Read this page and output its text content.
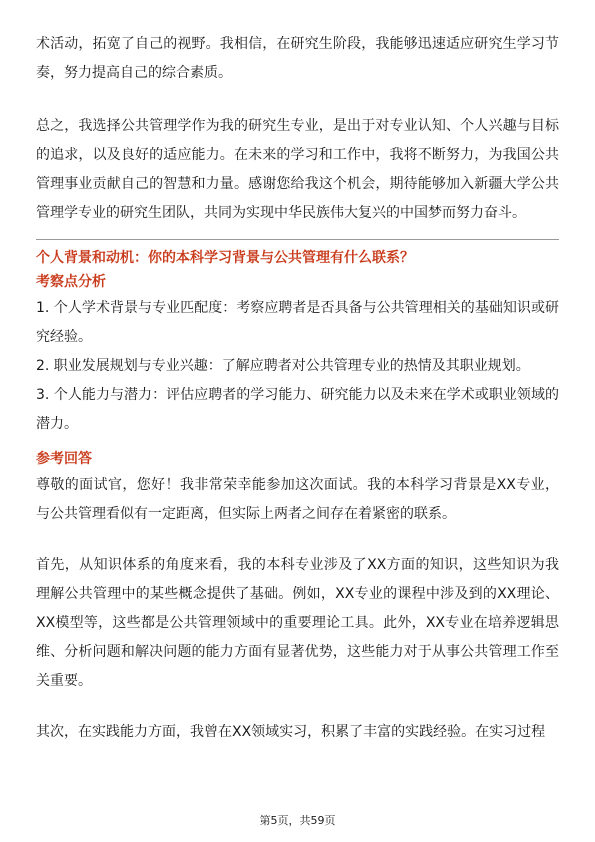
术活动，拓宽了自己的视野。我相信，在研究生阶段，我能够迅速适应研究生学习节奏，努力提高自己的综合素质。

总之，我选择公共管理学作为我的研究生专业，是出于对专业认知、个人兴趣与目标的追求，以及良好的适应能力。在未来的学习和工作中，我将不断努力，为我国公共管理事业贡献自己的智慧和力量。感谢您给我这个机会，期待能够加入新疆大学公共管理学专业的研究生团队，共同为实现中华民族伟大复兴的中国梦而努力奋斗。

个人背景和动机：你的本科学习背景与公共管理有什么联系？

考察点分析

1. 个人学术背景与专业匹配度：考察应聘者是否具备与公共管理相关的基础知识或研究经验。
2. 职业发展规划与专业兴趣：了解应聘者对公共管理专业的热情及其职业规划。
3. 个人能力与潜力：评估应聘者的学习能力、研究能力以及未来在学术或职业领域的潜力。

参考回答

尊敬的面试官，您好！我非常荣幸能参加这次面试。我的本科学习背景是XX专业，与公共管理看似有一定距离，但实际上两者之间存在着紧密的联系。

首先，从知识体系的角度来看，我的本科专业涉及了XX方面的知识，这些知识为我理解公共管理中的某些概念提供了基础。例如，XX专业的课程中涉及到的XX理论、XX模型等，这些都是公共管理领域中的重要理论工具。此外，XX专业在培养逻辑思维、分析问题和解决问题的能力方面有显著优势，这些能力对于从事公共管理工作至关重要。

其次，在实践能力方面，我曾在XX领域实习，积累了丰富的实践经验。在实习过程

第5页，共59页
